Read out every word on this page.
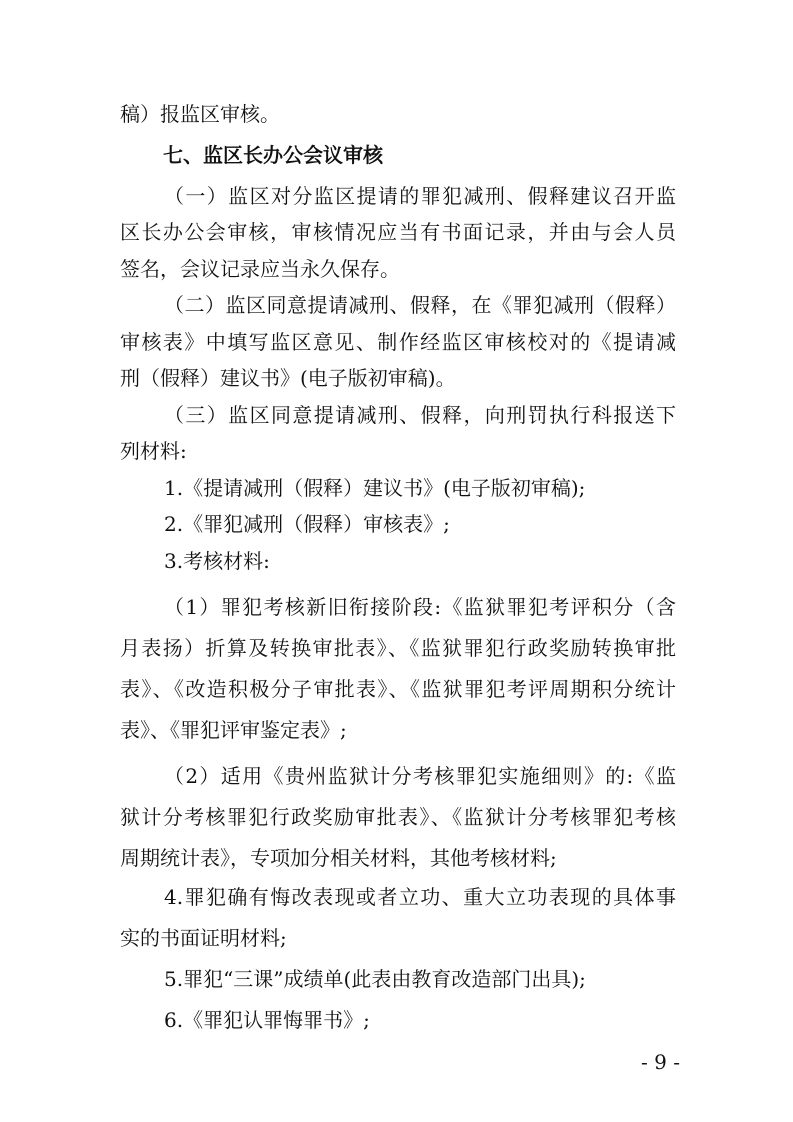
稿）报监区审核。
七、监区长办公会议审核
（一）监区对分监区提请的罪犯减刑、假释建议召开监
区长办公会审核，审核情况应当有书面记录，并由与会人员
签名，会议记录应当永久保存。
（二）监区同意提请减刑、假释，在《罪犯减刑（假释）
审核表》中填写监区意见、制作经监区审核校对的《提请减
刑（假释）建议书》(电子版初审稿)。
（三）监区同意提请减刑、假释，向刑罚执行科报送下
列材料:
1.《提请减刑（假释）建议书》(电子版初审稿);
2.《罪犯减刑（假释）审核表》;
3.考核材料:
（1）罪犯考核新旧衔接阶段:《监狱罪犯考评积分（含
月表扬）折算及转换审批表》、《监狱罪犯行政奖励转换审批
表》、《改造积极分子审批表》、《监狱罪犯考评周期积分统计
表》、《罪犯评审鉴定表》;
（2）适用《贵州监狱计分考核罪犯实施细则》的:《监
狱计分考核罪犯行政奖励审批表》、《监狱计分考核罪犯考核
周期统计表》，专项加分相关材料，其他考核材料;
4.罪犯确有悔改表现或者立功、重大立功表现的具体事
实的书面证明材料;
5.罪犯“三课”成绩单(此表由教育改造部门出具);
6.《罪犯认罪悔罪书》;
- 9 -
